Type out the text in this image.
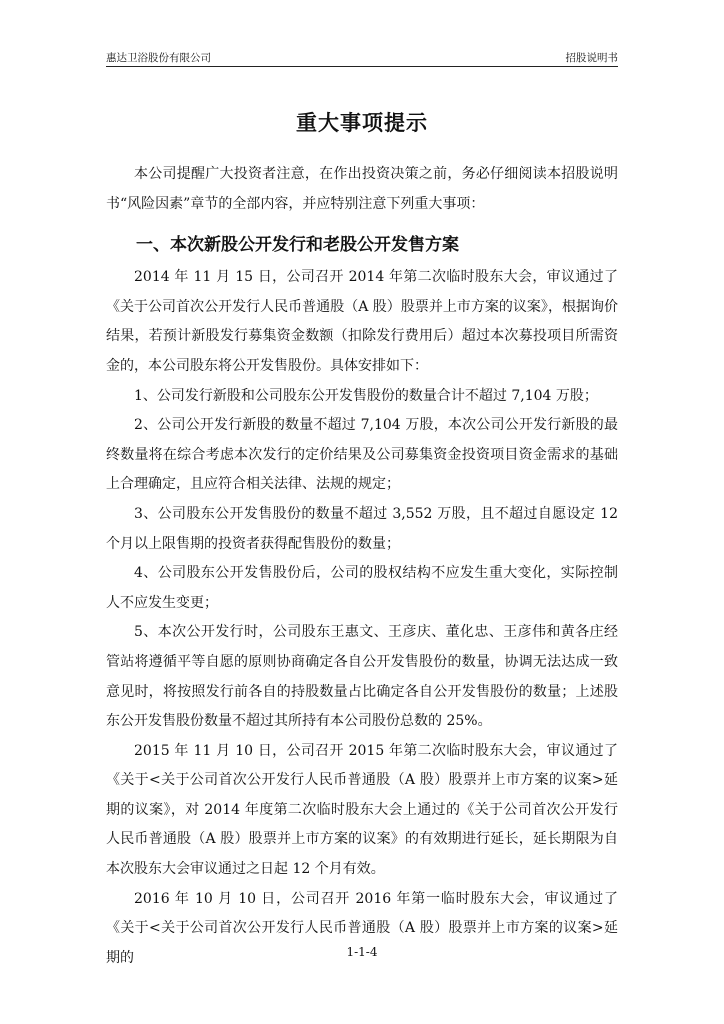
惠达卫浴股份有限公司	招股说明书
重大事项提示

本公司提醒广大投资者注意，在作出投资决策之前，务必仔细阅读本招股说明书“风险因素”章节的全部内容，并应特别注意下列重大事项：

一、本次新股公开发行和老股公开发售方案

2014 年 11 月 15 日，公司召开 2014 年第二次临时股东大会，审议通过了《关于公司首次公开发行人民币普通股（A 股）股票并上市方案的议案》，根据询价结果，若预计新股发行募集资金数额（扣除发行费用后）超过本次募投项目所需资金的，本公司股东将公开发售股份。具体安排如下：

1、公司发行新股和公司股东公开发售股份的数量合计不超过 7,104 万股；

2、公司公开发行新股的数量不超过 7,104 万股，本次公司公开发行新股的最终数量将在综合考虑本次发行的定价结果及公司募集资金投资项目资金需求的基础上合理确定，且应符合相关法律、法规的规定；

3、公司股东公开发售股份的数量不超过 3,552 万股，且不超过自愿设定 12 个月以上限售期的投资者获得配售股份的数量；

4、公司股东公开发售股份后，公司的股权结构不应发生重大变化，实际控制人不应发生变更；

5、本次公开发行时，公司股东王惠文、王彦庆、董化忠、王彦伟和黄各庄经管站将遵循平等自愿的原则协商确定各自公开发售股份的数量，协调无法达成一致意见时，将按照发行前各自的持股数量占比确定各自公开发售股份的数量；上述股东公开发售股份数量不超过其所持有本公司股份总数的 25%。

2015 年 11 月 10 日，公司召开 2015 年第二次临时股东大会，审议通过了《关于<关于公司首次公开发行人民币普通股（A 股）股票并上市方案的议案>延期的议案》，对 2014 年度第二次临时股东大会上通过的《关于公司首次公开发行人民币普通股（A 股）股票并上市方案的议案》的有效期进行延长，延长期限为自本次股东大会审议通过之日起 12 个月有效。

2016 年 10 月 10 日，公司召开 2016 年第一临时股东大会，审议通过了《关于<关于公司首次公开发行人民币普通股（A 股）股票并上市方案的议案>延期的	1-1-4
